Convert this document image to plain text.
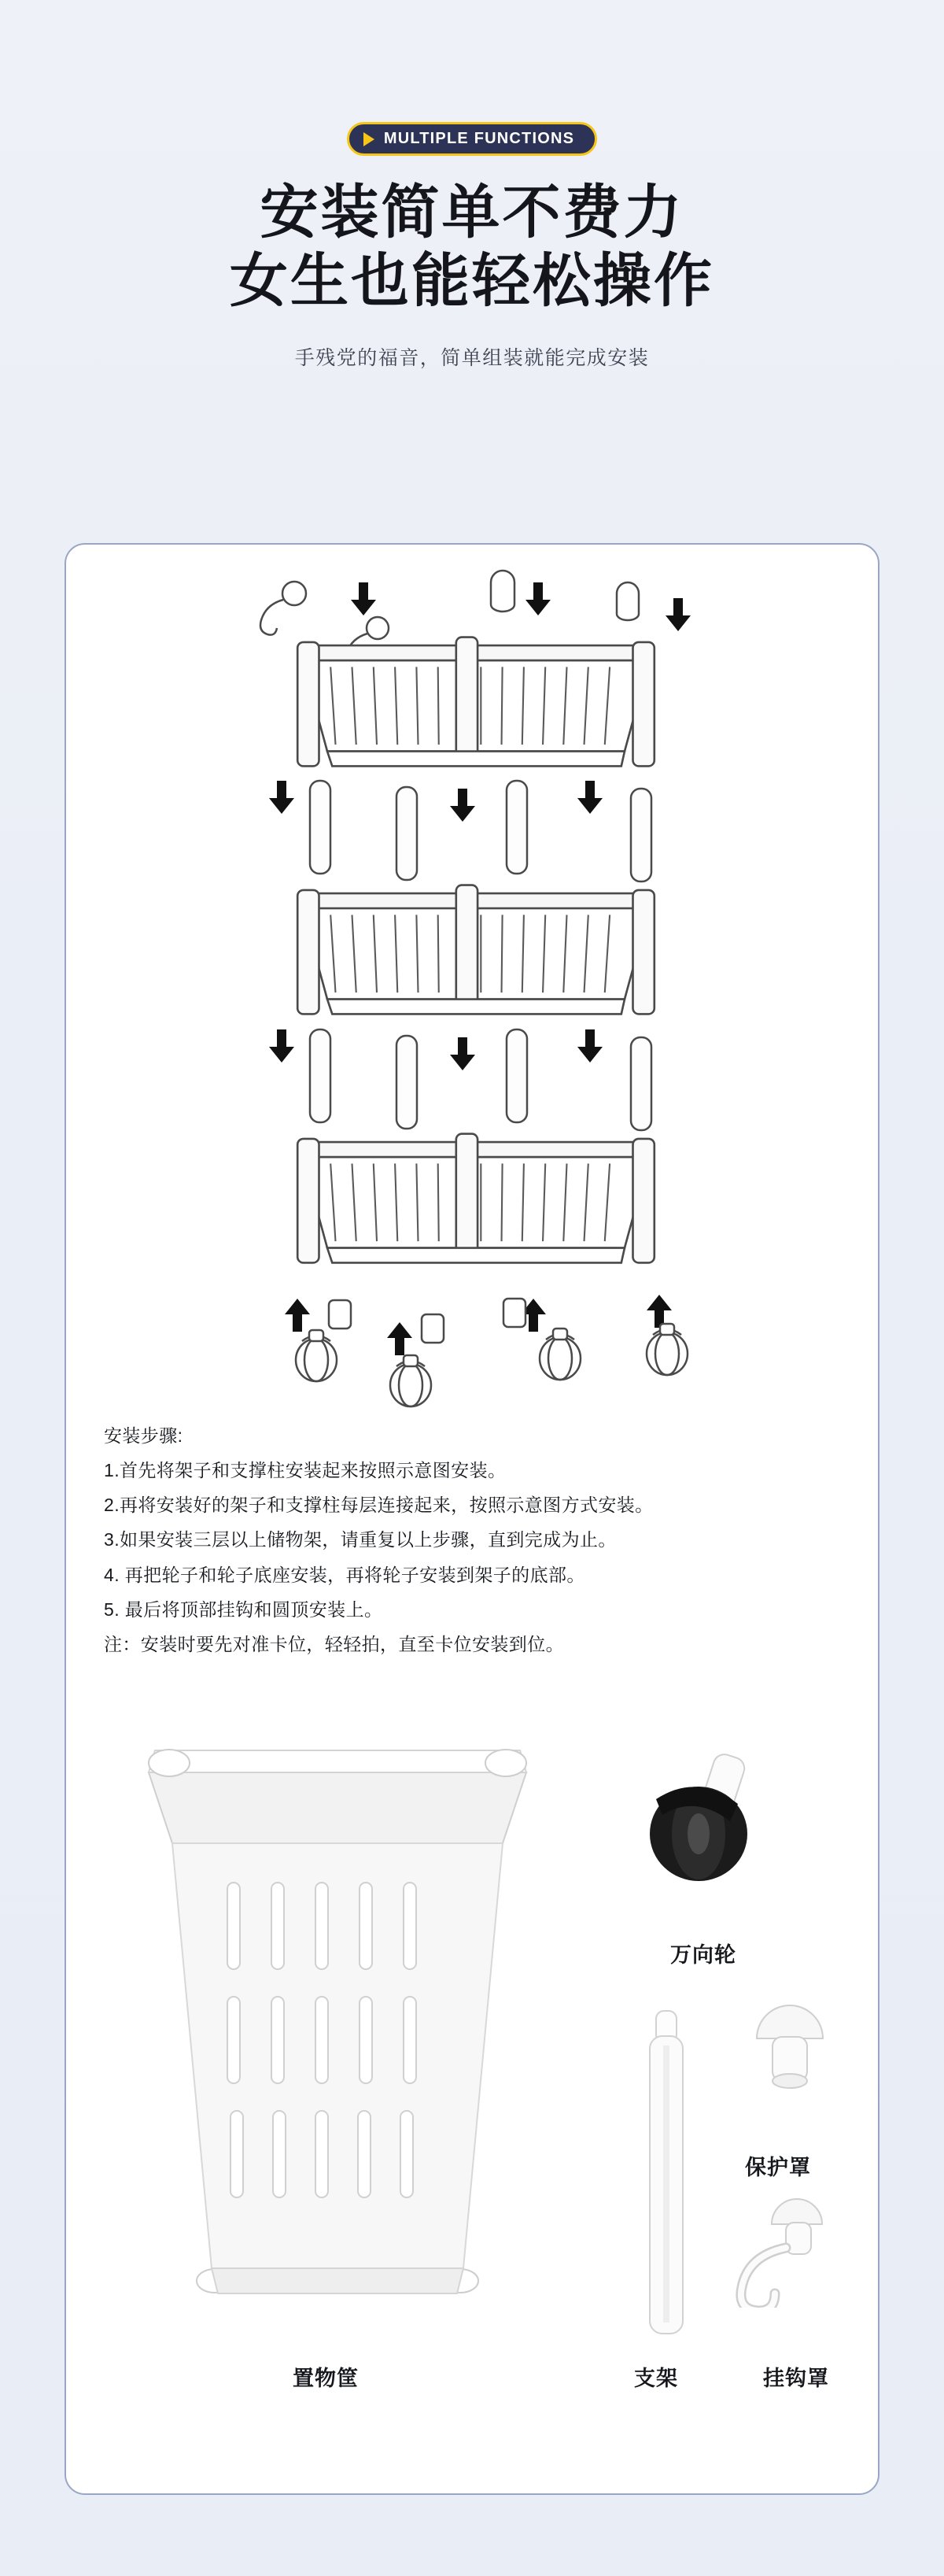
MULTIPLE FUNCTIONS
安装简单不费力
女生也能轻松操作
手残党的福音，简单组装就能完成安装
安装步骤:
1.首先将架子和支撑柱安装起来按照示意图安装。
2.再将安装好的架子和支撑柱每层连接起来，按照示意图方式安装。
3.如果安装三层以上储物架，请重复以上步骤，直到完成为止。
4. 再把轮子和轮子底座安装，再将轮子安装到架子的底部。
5. 最后将顶部挂钩和圆顶安装上。
注：安装时要先对准卡位，轻轻拍，直至卡位安装到位。
置物筐
万向轮
保护罩
支架	挂钩罩
